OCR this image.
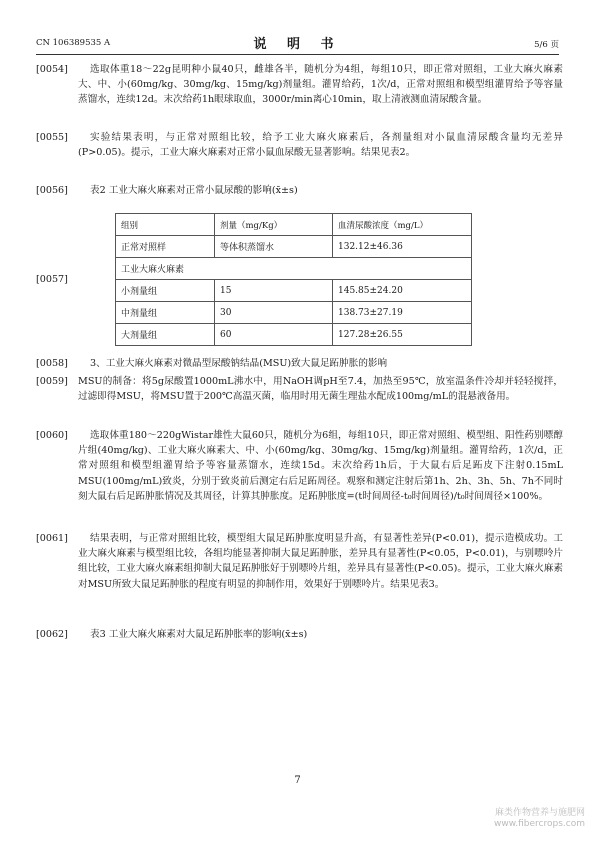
CN 106389535 A	说 明 书	5/6 页
[0054]	选取体重18～22g昆明种小鼠40只，雌雄各半，随机分为4组，每组10只，即正常对照组，工业大麻火麻素大、中、小(60mg/kg、30mg/kg、15mg/kg)剂量组。灌胃给药，1次/d，正常对照组和模型组灌胃给予等容量蒸馏水，连续12d。末次给药1h眼球取血，3000r/min离心10min，取上清液测血清尿酸含量。
[0055]	实验结果表明，与正常对照组比较，给予工业大麻火麻素后，各剂量组对小鼠血清尿酸含量均无差异(P>0.05)。提示，工业大麻火麻素对正常小鼠血尿酸无显著影响。结果见表2。
[0056]	表2 工业大麻火麻素对正常小鼠尿酸的影响(x̄±s)
[0057]
组别	剂量（mg/Kg）	血清尿酸浓度（mg/L）
正常对照样	等体积蒸馏水	132.12±46.36
工业大麻火麻素		
小剂量组	15	145.85±24.20
中剂量组	30	138.73±27.19
大剂量组	60	127.28±26.55
[0058]	3、工业大麻火麻素对微晶型尿酸钠结晶(MSU)致大鼠足跖肿胀的影响
[0059] MSU的制备：将5g尿酸置1000mL沸水中，用NaOH调pH至7.4，加热至95℃，放室温条件冷却并轻轻搅拌，过滤即得MSU，将MSU置于200℃高温灭菌，临用时用无菌生理盐水配成100mg/mL的混悬液备用。
[0060]	选取体重180～220gWistar雄性大鼠60只，随机分为6组，每组10只，即正常对照组、模型组、阳性药别嘌醇片组(40mg/kg)、工业大麻火麻素大、中、小(60mg/kg、30mg/kg、15mg/kg)剂量组。灌胃给药，1次/d，正常对照组和模型组灌胃给予等容量蒸馏水，连续15d。末次给药1h后，于大鼠右后足跖皮下注射0.15mL MSU(100mg/mL)致炎，分别于致炎前后测定右后足跖周径。观察和测定注射后第1h、2h、3h、5h、7h不同时刻大鼠右后足跖肿胀情况及其周径，计算其肿胀度。足跖肿胀度=(t时间周径-t₀时间周径)/t₀时间周径×100%。
[0061]	结果表明，与正常对照组比较，模型组大鼠足跖肿胀度明显升高，有显著性差异(P<0.01)，提示造模成功。工业大麻火麻素与模型组比较，各组均能显著抑制大鼠足跖肿胀，差异具有显著性(P<0.05，P<0.01)，与别嘌呤片组比较，工业大麻火麻素组抑制大鼠足跖肿胀好于别嘌呤片组，差异具有显著性(P<0.05)。提示，工业大麻火麻素对MSU所致大鼠足跖肿胀的程度有明显的抑制作用，效果好于别嘌呤片。结果见表3。
[0062]	表3 工业大麻火麻素对大鼠足跖肿胀率的影响(x̄±s)
7
麻类作物营养与施肥网
www.fibercrops.com
